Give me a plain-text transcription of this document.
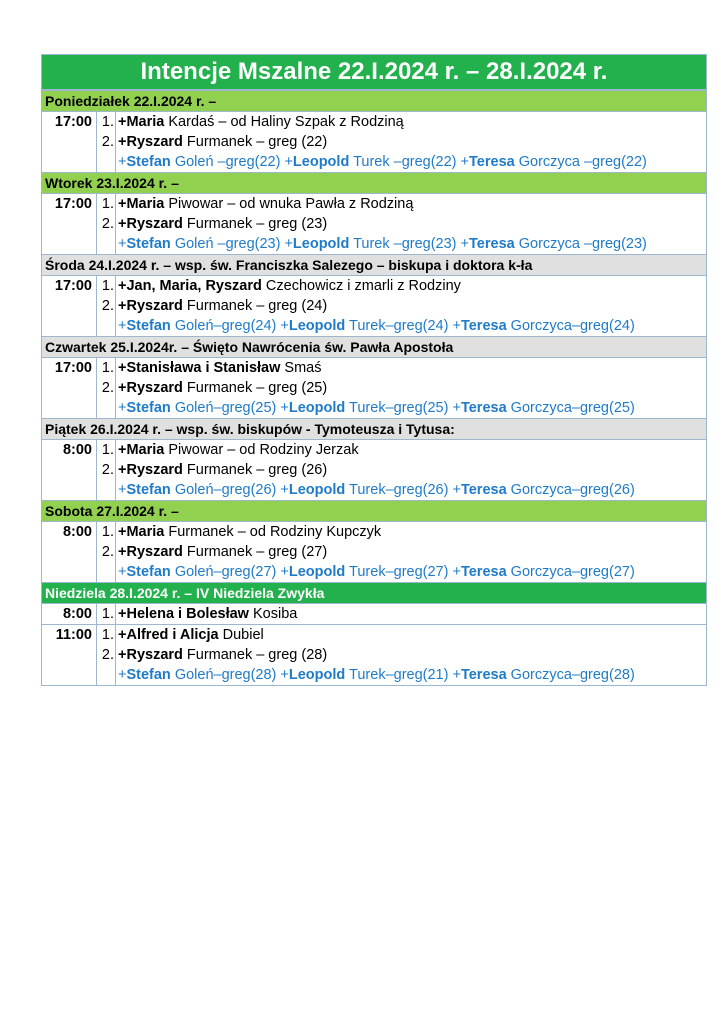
Intencje Mszalne 22.I.2024 r. – 28.I.2024 r.
Poniedziałek 22.I.2024 r. –		
17:00	1.	+Maria Kardaś – od Haliny Szpak z Rodziną
	2.	+Ryszard Furmanek – greg (22)
		+Stefan Goleń –greg(22) +Leopold Turek –greg(22) +Teresa Gorczyca –greg(22)
Wtorek 23.I.2024 r. –		
17:00	1.	+Maria Piwowar – od wnuka Pawła z Rodziną
	2.	+Ryszard Furmanek – greg (23)
		+Stefan Goleń –greg(23) +Leopold Turek –greg(23) +Teresa Gorczyca –greg(23)
Środa 24.I.2024 r. – wsp. św. Franciszka Salezego – biskupa i doktora k-ła		
17:00	1.	+Jan, Maria, Ryszard Czechowicz i zmarli z Rodziny
	2.	+Ryszard Furmanek – greg (24)
		+Stefan Goleń–greg(24) +Leopold Turek–greg(24) +Teresa Gorczyca–greg(24)
Czwartek 25.I.2024r. – Święto Nawrócenia św. Pawła Apostoła		
17:00	1.	+Stanisława i Stanisław Smaś
	2.	+Ryszard Furmanek – greg (25)
		+Stefan Goleń–greg(25) +Leopold Turek–greg(25) +Teresa Gorczyca–greg(25)
Piątek 26.I.2024 r. – wsp. św. biskupów - Tymoteusza i Tytusa:		
8:00	1.	+Maria Piwowar – od Rodziny Jerzak
	2.	+Ryszard Furmanek – greg (26)
		+Stefan Goleń–greg(26) +Leopold Turek–greg(26) +Teresa Gorczyca–greg(26)
Sobota 27.I.2024 r. –		
8:00	1.	+Maria Furmanek – od Rodziny Kupczyk
	2.	+Ryszard Furmanek – greg (27)
		+Stefan Goleń–greg(27) +Leopold Turek–greg(27) +Teresa Gorczyca–greg(27)
Niedziela 28.I.2024 r. – IV Niedziela Zwykła		
8:00	1.	+Helena i Bolesław Kosiba
11:00	1.	+Alfred i Alicja Dubiel
	2.	+Ryszard Furmanek – greg (28)
		+Stefan Goleń–greg(28) +Leopold Turek–greg(21) +Teresa Gorczyca–greg(28)
